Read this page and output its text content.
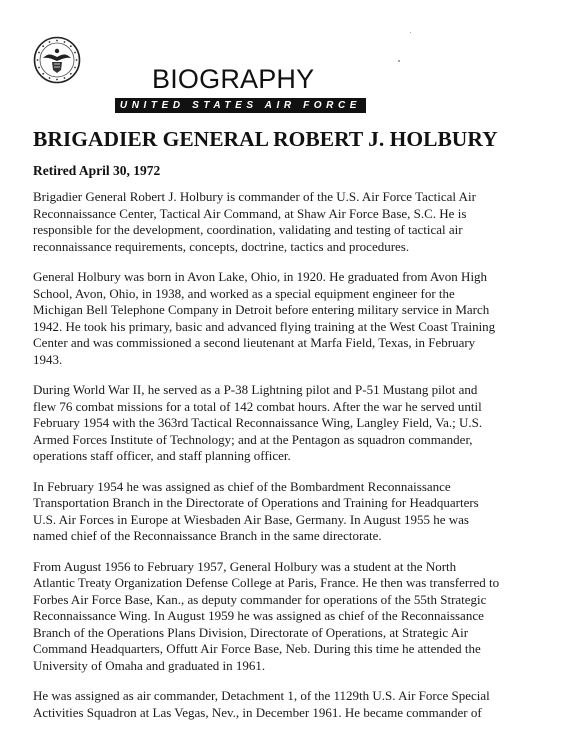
BIOGRAPHY
UNITED STATES AIR FORCE
BRIGADIER GENERAL ROBERT J. HOLBURY
Retired April 30, 1972

Brigadier General Robert J. Holbury is commander of the U.S. Air Force Tactical Air
Reconnaissance Center, Tactical Air Command, at Shaw Air Force Base, S.C. He is
responsible for the development, coordination, validating and testing of tactical air
reconnaissance requirements, concepts, doctrine, tactics and procedures.

General Holbury was born in Avon Lake, Ohio, in 1920. He graduated from Avon High
School, Avon, Ohio, in 1938, and worked as a special equipment engineer for the
Michigan Bell Telephone Company in Detroit before entering military service in March
1942. He took his primary, basic and advanced flying training at the West Coast Training
Center and was commissioned a second lieutenant at Marfa Field, Texas, in February
1943.

During World War II, he served as a P-38 Lightning pilot and P-51 Mustang pilot and
flew 76 combat missions for a total of 142 combat hours. After the war he served until
February 1954 with the 363rd Tactical Reconnaissance Wing, Langley Field, Va.; U.S.
Armed Forces Institute of Technology; and at the Pentagon as squadron commander,
operations staff officer, and staff planning officer.

In February 1954 he was assigned as chief of the Bombardment Reconnaissance
Transportation Branch in the Directorate of Operations and Training for Headquarters
U.S. Air Forces in Europe at Wiesbaden Air Base, Germany. In August 1955 he was
named chief of the Reconnaissance Branch in the same directorate.

From August 1956 to February 1957, General Holbury was a student at the North
Atlantic Treaty Organization Defense College at Paris, France. He then was transferred to
Forbes Air Force Base, Kan., as deputy commander for operations of the 55th Strategic
Reconnaissance Wing. In August 1959 he was assigned as chief of the Reconnaissance
Branch of the Operations Plans Division, Directorate of Operations, at Strategic Air
Command Headquarters, Offutt Air Force Base, Neb. During this time he attended the
University of Omaha and graduated in 1961.

He was assigned as air commander, Detachment 1, of the 1129th U.S. Air Force Special
Activities Squadron at Las Vegas, Nev., in December 1961. He became commander of
